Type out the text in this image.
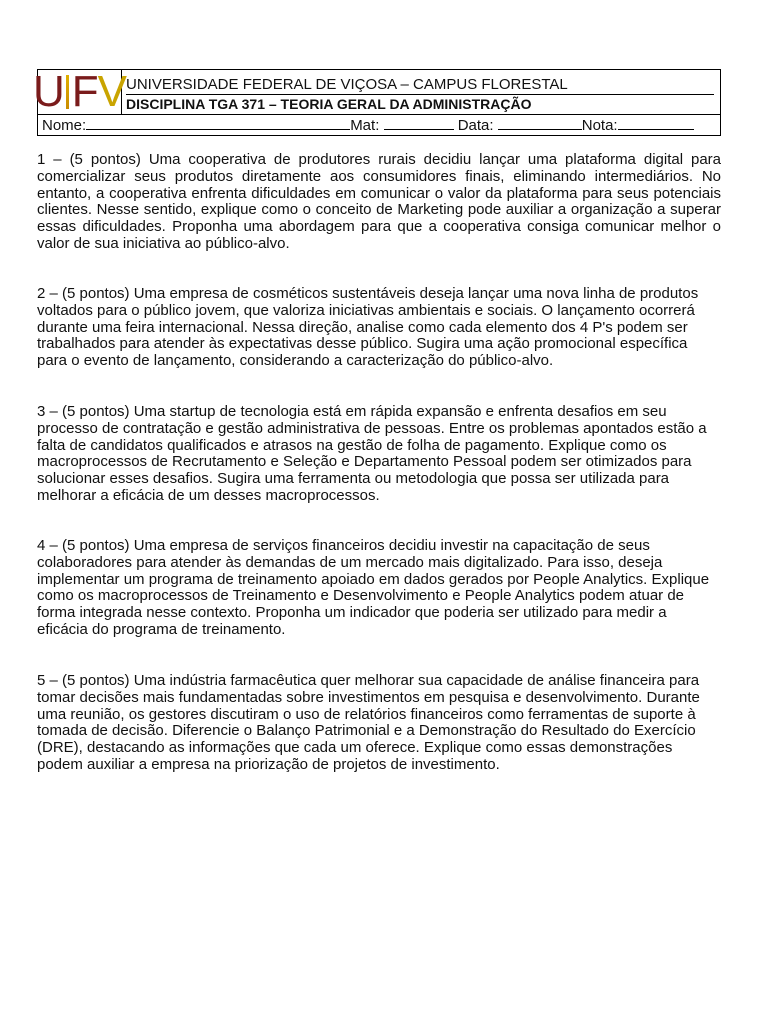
U F V UNIVERSIDADE FEDERAL DE VIÇOSA – CAMPUS FLORESTAL
DISCIPLINA TGA 371 – TEORIA GERAL DA ADMINISTRAÇÃO
Nome:	Mat:	Data:	Nota:

1 – (5 pontos) Uma cooperativa de produtores rurais decidiu lançar uma plataforma digital para comercializar seus produtos diretamente aos consumidores finais, eliminando intermediários. No entanto, a cooperativa enfrenta dificuldades em comunicar o valor da plataforma para seus potenciais clientes. Nesse sentido, explique como o conceito de Marketing pode auxiliar a organização a superar essas dificuldades. Proponha uma abordagem para que a cooperativa consiga comunicar melhor o valor de sua iniciativa ao público-alvo.

2 – (5 pontos) Uma empresa de cosméticos sustentáveis deseja lançar uma nova linha de produtos voltados para o público jovem, que valoriza iniciativas ambientais e sociais. O lançamento ocorrerá durante uma feira internacional. Nessa direção, analise como cada elemento dos 4 P's podem ser trabalhados para atender às expectativas desse público. Sugira uma ação promocional específica para o evento de lançamento, considerando a caracterização do público-alvo.

3 – (5 pontos) Uma startup de tecnologia está em rápida expansão e enfrenta desafios em seu processo de contratação e gestão administrativa de pessoas. Entre os problemas apontados estão a falta de candidatos qualificados e atrasos na gestão de folha de pagamento. Explique como os macroprocessos de Recrutamento e Seleção e Departamento Pessoal podem ser otimizados para solucionar esses desafios. Sugira uma ferramenta ou metodologia que possa ser utilizada para melhorar a eficácia de um desses macroprocessos.

4 – (5 pontos) Uma empresa de serviços financeiros decidiu investir na capacitação de seus colaboradores para atender às demandas de um mercado mais digitalizado. Para isso, deseja implementar um programa de treinamento apoiado em dados gerados por People Analytics. Explique como os macroprocessos de Treinamento e Desenvolvimento e People Analytics podem atuar de forma integrada nesse contexto. Proponha um indicador que poderia ser utilizado para medir a eficácia do programa de treinamento.

5 – (5 pontos) Uma indústria farmacêutica quer melhorar sua capacidade de análise financeira para tomar decisões mais fundamentadas sobre investimentos em pesquisa e desenvolvimento. Durante uma reunião, os gestores discutiram o uso de relatórios financeiros como ferramentas de suporte à tomada de decisão. Diferencie o Balanço Patrimonial e a Demonstração do Resultado do Exercício (DRE), destacando as informações que cada um oferece. Explique como essas demonstrações podem auxiliar a empresa na priorização de projetos de investimento.
